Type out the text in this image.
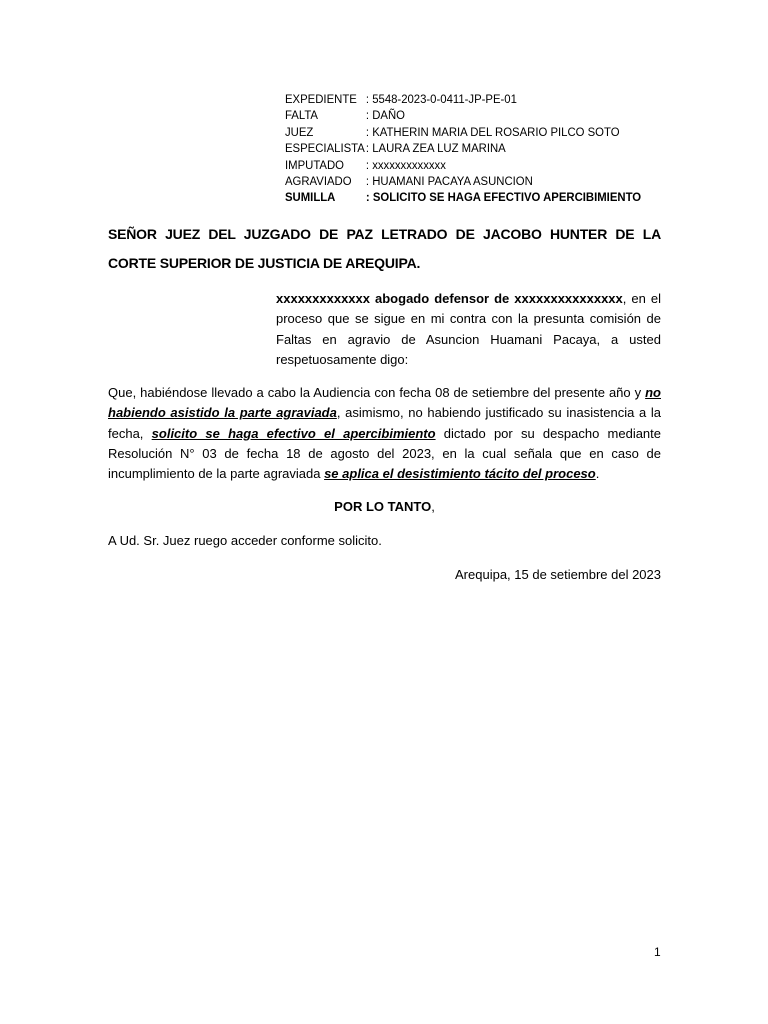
EXPEDIENTE	: 5548-2023-0-0411-JP-PE-01
FALTA	: DAÑO
JUEZ	: KATHERIN MARIA DEL ROSARIO PILCO SOTO
ESPECIALISTA	: LAURA ZEA LUZ MARINA
IMPUTADO	: xxxxxxxxxxxxx
AGRAVIADO	: HUAMANI PACAYA ASUNCION
SUMILLA	: SOLICITO SE HAGA EFECTIVO APERCIBIMIENTO

SEÑOR JUEZ DEL JUZGADO DE PAZ LETRADO DE JACOBO HUNTER DE LA CORTE SUPERIOR DE JUSTICIA DE AREQUIPA.

xxxxxxxxxxxxx abogado defensor de xxxxxxxxxxxxxxx, en el proceso que se sigue en mi contra con la presunta comisión de Faltas en agravio de Asuncion Huamani Pacaya, a usted respetuosamente digo:

Que, habiéndose llevado a cabo la Audiencia con fecha 08 de setiembre del presente año y no habiendo asistido la parte agraviada, asimismo, no habiendo justificado su inasistencia a la fecha, solicito se haga efectivo el apercibimiento dictado por su despacho mediante Resolución N° 03 de fecha 18 de agosto del 2023, en la cual señala que en caso de incumplimiento de la parte agraviada se aplica el desistimiento tácito del proceso.

POR LO TANTO,

A Ud. Sr. Juez ruego acceder conforme solicito.

Arequipa, 15 de setiembre del 2023

1
